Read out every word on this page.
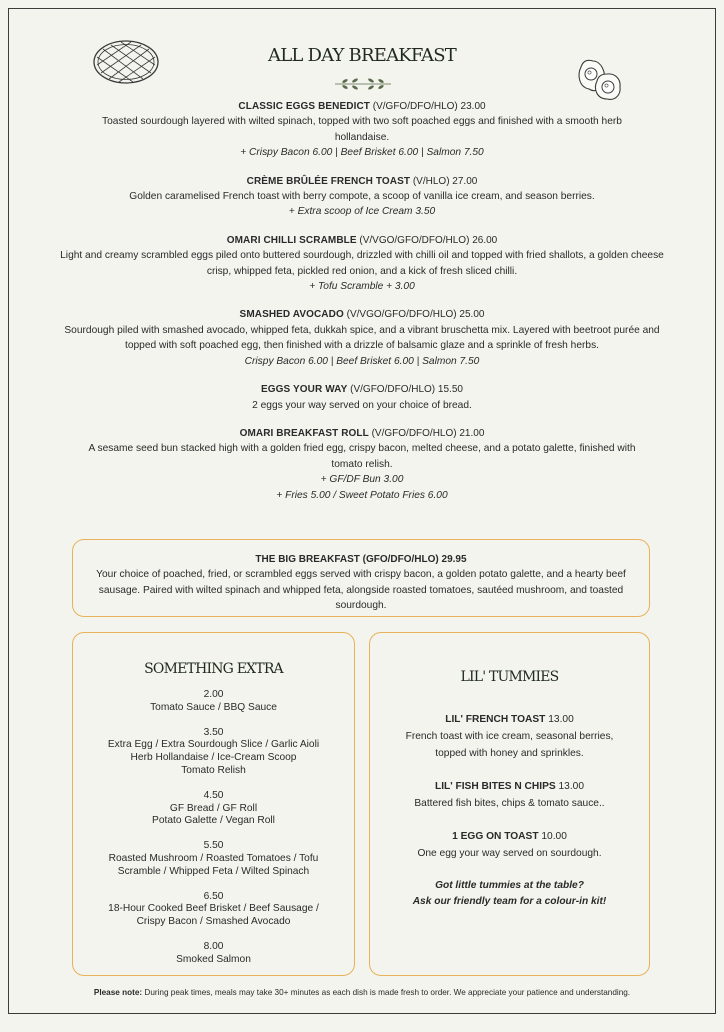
ALL DAY BREAKFAST
CLASSIC EGGS BENEDICT (V/GFO/DFO/HLO) 23.00
Toasted sourdough layered with wilted spinach, topped with two soft poached eggs and finished with a smooth herb hollandaise.
+ Crispy Bacon 6.00 | Beef Brisket 6.00 | Salmon 7.50
CRÈME BRÛLÉE FRENCH TOAST (V/HLO) 27.00
Golden caramelised French toast with berry compote, a scoop of vanilla ice cream, and season berries.
+ Extra scoop of Ice Cream 3.50
OMARI CHILLI SCRAMBLE (V/VGO/GFO/DFO/HLO) 26.00
Light and creamy scrambled eggs piled onto buttered sourdough, drizzled with chilli oil and topped with fried shallots, a golden cheese crisp, whipped feta, pickled red onion, and a kick of fresh sliced chilli.
+ Tofu Scramble + 3.00
SMASHED AVOCADO (V/VGO/GFO/DFO/HLO) 25.00
Sourdough piled with smashed avocado, whipped feta, dukkah spice, and a vibrant bruschetta mix. Layered with beetroot purée and topped with soft poached egg, then finished with a drizzle of balsamic glaze and a sprinkle of fresh herbs.
Crispy Bacon 6.00 | Beef Brisket 6.00 | Salmon 7.50
EGGS YOUR WAY (V/GFO/DFO/HLO) 15.50
2 eggs your way served on your choice of bread.
OMARI BREAKFAST ROLL (V/GFO/DFO/HLO) 21.00
A sesame seed bun stacked high with a golden fried egg, crispy bacon, melted cheese, and a potato galette, finished with tomato relish.
+ GF/DF Bun 3.00
+ Fries 5.00 / Sweet Potato Fries 6.00
THE BIG BREAKFAST (GFO/DFO/HLO) 29.95
Your choice of poached, fried, or scrambled eggs served with crispy bacon, a golden potato galette, and a hearty beef sausage. Paired with wilted spinach and whipped feta, alongside roasted tomatoes, sautéed mushroom, and toasted sourdough.
SOMETHING EXTRA
2.00
Tomato Sauce / BBQ Sauce
3.50
Extra Egg / Extra Sourdough Slice / Garlic Aioli
Herb Hollandaise / Ice-Cream Scoop
Tomato Relish
4.50
GF Bread / GF Roll
Potato Galette / Vegan Roll
5.50
Roasted Mushroom / Roasted Tomatoes / Tofu
Scramble / Whipped Feta / Wilted Spinach
6.50
18-Hour Cooked Beef Brisket / Beef Sausage /
Crispy Bacon / Smashed Avocado
8.00
Smoked Salmon
LIL' TUMMIES
LIL' FRENCH TOAST 13.00
French toast with ice cream, seasonal berries, topped with honey and sprinkles.
LIL' FISH BITES N CHIPS 13.00
Battered fish bites, chips & tomato sauce..
1 EGG ON TOAST 10.00
One egg your way served on sourdough.
Got little tummies at the table?
Ask our friendly team for a colour-in kit!
Please note: During peak times, meals may take 30+ minutes as each dish is made fresh to order. We appreciate your patience and understanding.
